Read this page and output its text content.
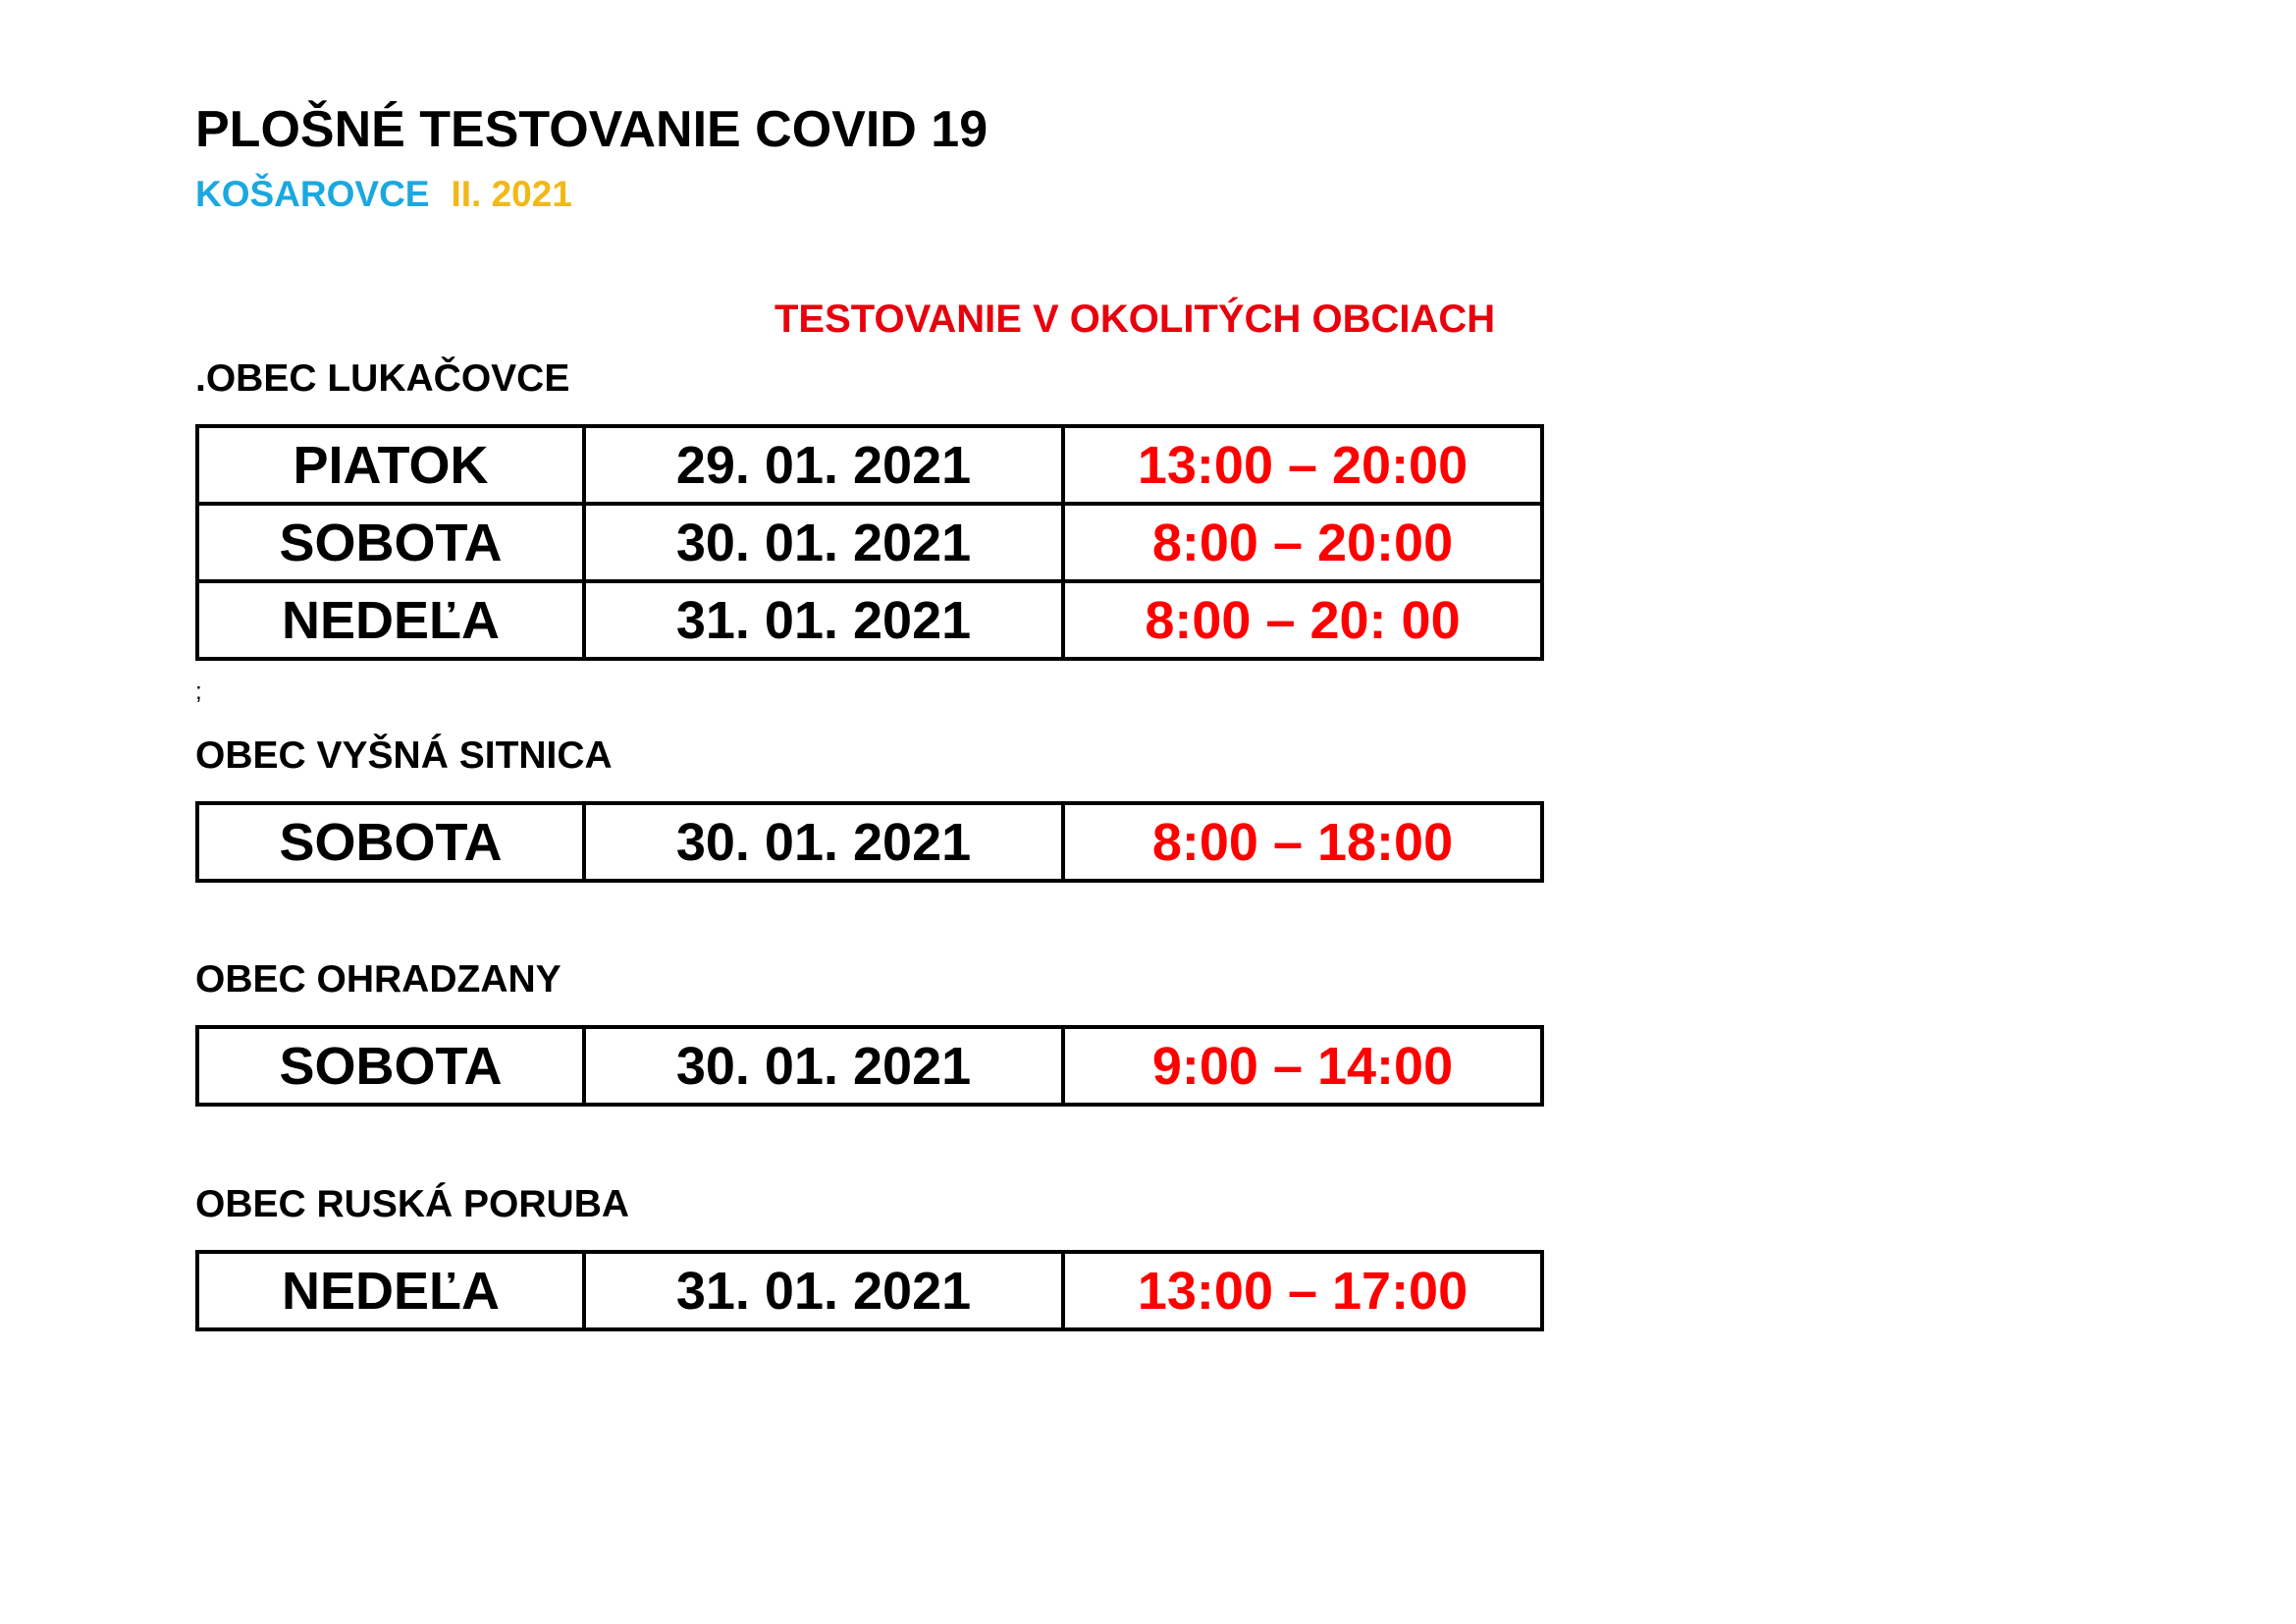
PLOŠNÉ TESTOVANIE COVID 19
KOŠAROVCE II. 2021
TESTOVANIE V OKOLITÝCH OBCIACH
.OBEC LUKAČOVCE
PIATOK	29. 01. 2021	13:00 – 20:00
SOBOTA	30. 01. 2021	8:00 – 20:00
NEDEĽA	31. 01. 2021	8:00 – 20: 00
;
OBEC VYŠNÁ SITNICA
SOBOTA	30. 01. 2021	8:00 – 18:00
OBEC OHRADZANY
SOBOTA	30. 01. 2021	9:00 – 14:00
OBEC RUSKÁ PORUBA
NEDEĽA	31. 01. 2021	13:00 – 17:00
